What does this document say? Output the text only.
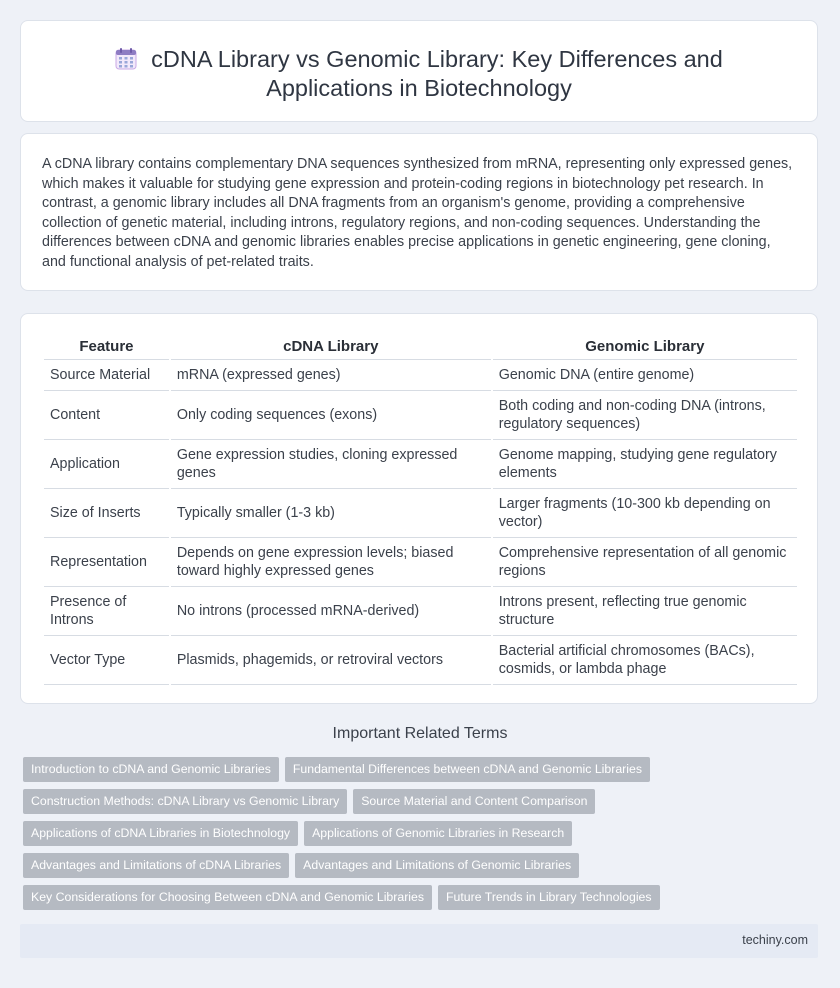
cDNA Library vs Genomic Library: Key Differences and
Applications in Biotechnology

A cDNA library contains complementary DNA sequences synthesized from mRNA, representing only expressed genes, which makes it valuable for studying gene expression and protein-coding regions in biotechnology pet research. In contrast, a genomic library includes all DNA fragments from an organism's genome, providing a comprehensive collection of genetic material, including introns, regulatory regions, and non-coding sequences. Understanding the differences between cDNA and genomic libraries enables precise applications in genetic engineering, gene cloning, and functional analysis of pet-related traits.

Feature	cDNA Library	Genomic Library
Source Material	mRNA (expressed genes)	Genomic DNA (entire genome)
Content	Only coding sequences (exons)	Both coding and non-coding DNA (introns, regulatory sequences)
Application	Gene expression studies, cloning expressed genes	Genome mapping, studying gene regulatory elements
Size of Inserts	Typically smaller (1-3 kb)	Larger fragments (10-300 kb depending on vector)
Representation	Depends on gene expression levels; biased toward highly expressed genes	Comprehensive representation of all genomic regions
Presence of Introns	No introns (processed mRNA-derived)	Introns present, reflecting true genomic structure
Vector Type	Plasmids, phagemids, or retroviral vectors	Bacterial artificial chromosomes (BACs), cosmids, or lambda phage
Important Related Terms
Introduction to cDNA and Genomic Libraries Fundamental Differences between cDNA and Genomic Libraries
Construction Methods: cDNA Library vs Genomic Library Source Material and Content Comparison
Applications of cDNA Libraries in Biotechnology Applications of Genomic Libraries in Research
Advantages and Limitations of cDNA Libraries Advantages and Limitations of Genomic Libraries
Key Considerations for Choosing Between cDNA and Genomic Libraries Future Trends in Library Technologies
techiny.com
